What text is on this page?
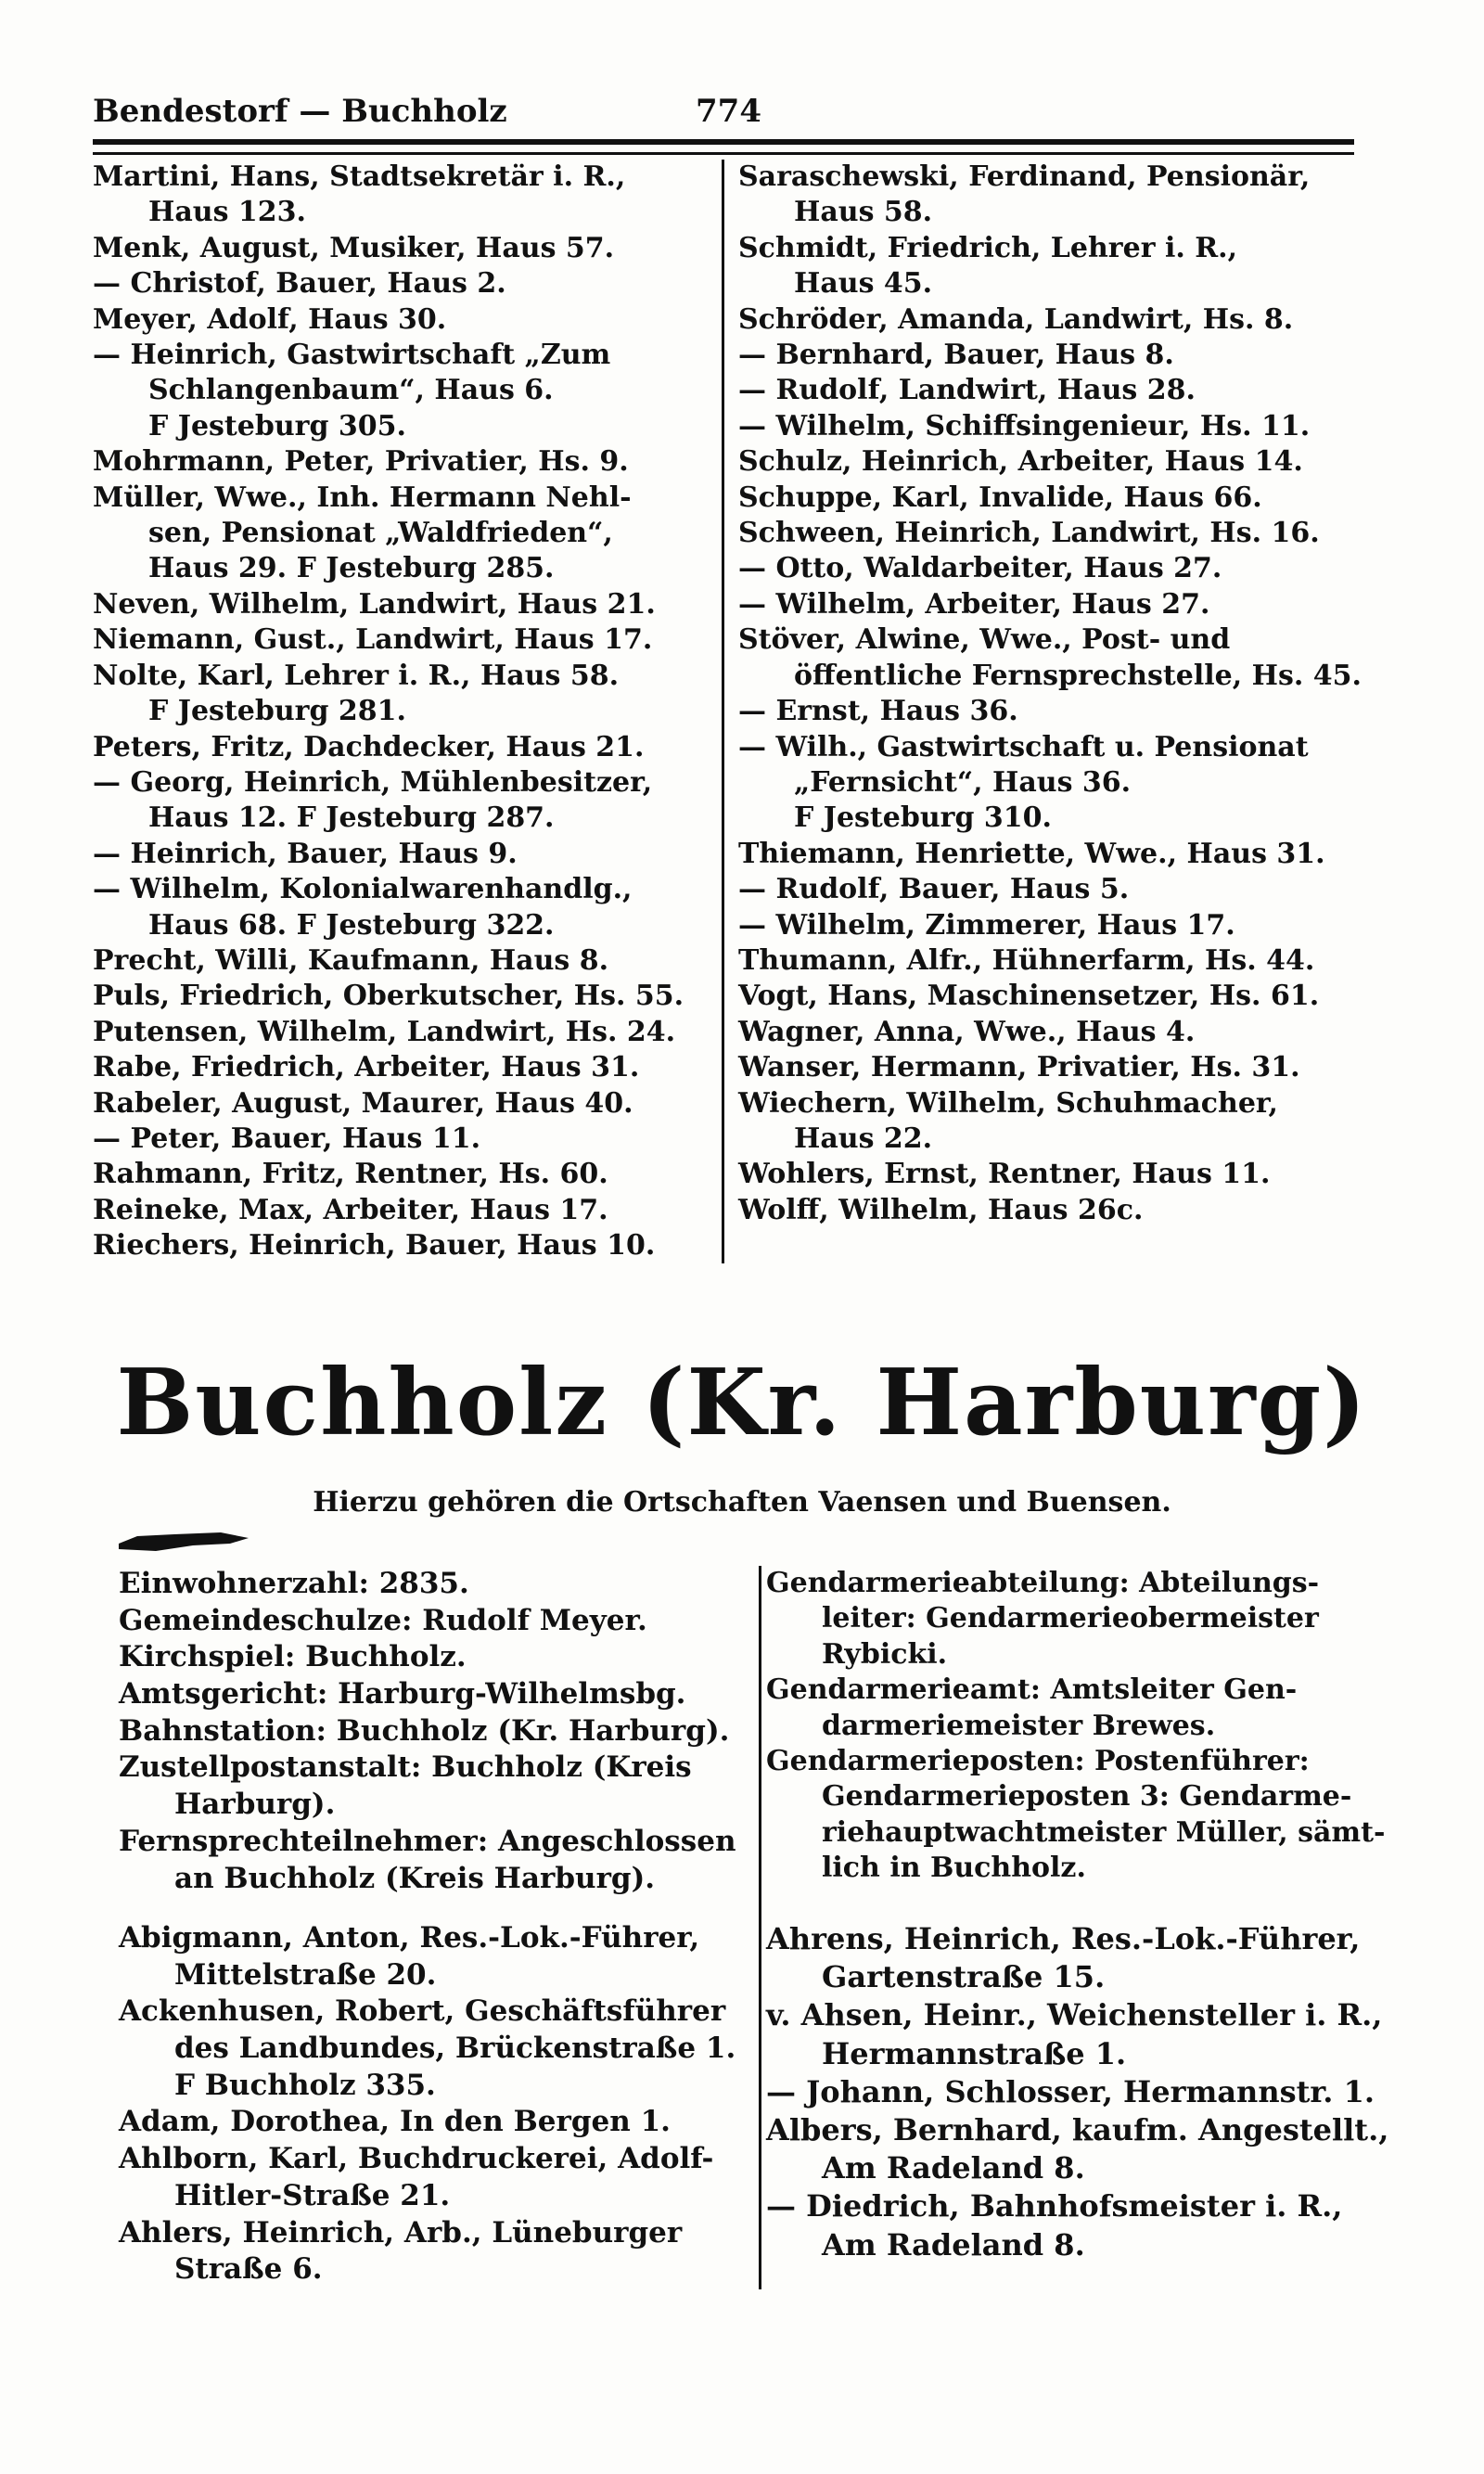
Bendestorf — Buchholz	774
Martini, Hans, Stadtsekretär i. R.,
Haus 123.
Menk, August, Musiker, Haus 57.
— Christof, Bauer, Haus 2.
Meyer, Adolf, Haus 30.
— Heinrich, Gastwirtschaft „Zum
Schlangenbaum“, Haus 6.
F Jesteburg 305.
Mohrmann, Peter, Privatier, Hs. 9.
Müller, Wwe., Inh. Hermann Nehl-
sen, Pensionat „Waldfrieden“,
Haus 29. F Jesteburg 285.
Neven, Wilhelm, Landwirt, Haus 21.
Niemann, Gust., Landwirt, Haus 17.
Nolte, Karl, Lehrer i. R., Haus 58.
F Jesteburg 281.
Peters, Fritz, Dachdecker, Haus 21.
— Georg, Heinrich, Mühlenbesitzer,
Haus 12. F Jesteburg 287.
— Heinrich, Bauer, Haus 9.
— Wilhelm, Kolonialwarenhandlg.,
Haus 68. F Jesteburg 322.
Precht, Willi, Kaufmann, Haus 8.
Puls, Friedrich, Oberkutscher, Hs. 55.
Putensen, Wilhelm, Landwirt, Hs. 24.
Rabe, Friedrich, Arbeiter, Haus 31.
Rabeler, August, Maurer, Haus 40.
— Peter, Bauer, Haus 11.
Rahmann, Fritz, Rentner, Hs. 60.
Reineke, Max, Arbeiter, Haus 17.
Riechers, Heinrich, Bauer, Haus 10.
Saraschewski, Ferdinand, Pensionär,
Haus 58.
Schmidt, Friedrich, Lehrer i. R.,
Haus 45.
Schröder, Amanda, Landwirt, Hs. 8.
— Bernhard, Bauer, Haus 8.
— Rudolf, Landwirt, Haus 28.
— Wilhelm, Schiffsingenieur, Hs. 11.
Schulz, Heinrich, Arbeiter, Haus 14.
Schuppe, Karl, Invalide, Haus 66.
Schween, Heinrich, Landwirt, Hs. 16.
— Otto, Waldarbeiter, Haus 27.
— Wilhelm, Arbeiter, Haus 27.
Stöver, Alwine, Wwe., Post- und
öffentliche Fernsprechstelle, Hs. 45.
— Ernst, Haus 36.
— Wilh., Gastwirtschaft u. Pensionat
„Fernsicht“, Haus 36.
F Jesteburg 310.
Thiemann, Henriette, Wwe., Haus 31.
— Rudolf, Bauer, Haus 5.
— Wilhelm, Zimmerer, Haus 17.
Thumann, Alfr., Hühnerfarm, Hs. 44.
Vogt, Hans, Maschinensetzer, Hs. 61.
Wagner, Anna, Wwe., Haus 4.
Wanser, Hermann, Privatier, Hs. 31.
Wiechern, Wilhelm, Schuhmacher,
Haus 22.
Wohlers, Ernst, Rentner, Haus 11.
Wolff, Wilhelm, Haus 26c.
Buchholz (Kr. Harburg)
Hierzu gehören die Ortschaften Vaensen und Buensen.
Einwohnerzahl: 2835.
Gemeindeschulze: Rudolf Meyer.
Kirchspiel: Buchholz.
Amtsgericht: Harburg-Wilhelmsbg.
Bahnstation: Buchholz (Kr. Harburg).
Zustellpostanstalt: Buchholz (Kreis
Harburg).
Fernsprechteilnehmer: Angeschlossen
an Buchholz (Kreis Harburg).
Gendarmerieabteilung: Abteilungs-
leiter: Gendarmerieobermeister
Rybicki.
Gendarmerieamt: Amtsleiter Gen-
darmeriemeister Brewes.
Gendarmerieposten: Postenführer:
Gendarmerieposten 3: Gendarme-
riehauptwachtmeister Müller, sämt-
lich in Buchholz.
Abigmann, Anton, Res.-Lok.-Führer,
Mittelstraße 20.
Ackenhusen, Robert, Geschäftsführer
des Landbundes, Brückenstraße 1.
F Buchholz 335.
Adam, Dorothea, In den Bergen 1.
Ahlborn, Karl, Buchdruckerei, Adolf-
Hitler-Straße 21.
Ahlers, Heinrich, Arb., Lüneburger
Straße 6.
Ahrens, Heinrich, Res.-Lok.-Führer,
Gartenstraße 15.
v. Ahsen, Heinr., Weichensteller i. R.,
Hermannstraße 1.
— Johann, Schlosser, Hermannstr. 1.
Albers, Bernhard, kaufm. Angestellt.,
Am Radeland 8.
— Diedrich, Bahnhofsmeister i. R.,
Am Radeland 8.
